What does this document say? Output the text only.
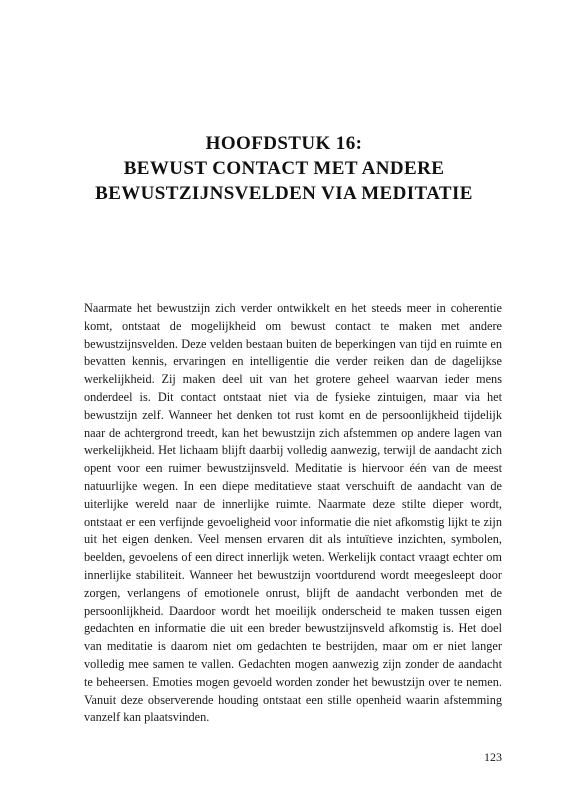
HOOFDSTUK 16:
BEWUST CONTACT MET ANDERE
BEWUSTZIJNSVELDEN VIA MEDITATIE

Naarmate het bewustzijn zich verder ontwikkelt en het steeds meer in coherentie komt, ontstaat de mogelijkheid om bewust contact te maken met andere bewustzijnsvelden. Deze velden bestaan buiten de beperkingen van tijd en ruimte en bevatten kennis, ervaringen en intelligentie die verder reiken dan de dagelijkse werkelijkheid. Zij maken deel uit van het grotere geheel waarvan ieder mens onderdeel is. Dit contact ontstaat niet via de fysieke zintuigen, maar via het bewustzijn zelf. Wanneer het denken tot rust komt en de persoonlijkheid tijdelijk naar de achtergrond treedt, kan het bewustzijn zich afstemmen op andere lagen van werkelijkheid. Het lichaam blijft daarbij volledig aanwezig, terwijl de aandacht zich opent voor een ruimer bewustzijnsveld. Meditatie is hiervoor één van de meest natuurlijke wegen. In een diepe meditatieve staat verschuift de aandacht van de uiterlijke wereld naar de innerlijke ruimte. Naarmate deze stilte dieper wordt, ontstaat er een verfijnde gevoeligheid voor informatie die niet afkomstig lijkt te zijn uit het eigen denken. Veel mensen ervaren dit als intuïtieve inzichten, symbolen, beelden, gevoelens of een direct innerlijk weten. Werkelijk contact vraagt echter om innerlijke stabiliteit. Wanneer het bewustzijn voortdurend wordt meegesleept door zorgen, verlangens of emotionele onrust, blijft de aandacht verbonden met de persoonlijkheid. Daardoor wordt het moeilijk onderscheid te maken tussen eigen gedachten en informatie die uit een breder bewustzijnsveld afkomstig is. Het doel van meditatie is daarom niet om gedachten te bestrijden, maar om er niet langer volledig mee samen te vallen. Gedachten mogen aanwezig zijn zonder de aandacht te beheersen. Emoties mogen gevoeld worden zonder het bewustzijn over te nemen. Vanuit deze observerende houding ontstaat een stille openheid waarin afstemming vanzelf kan plaatsvinden.

123
